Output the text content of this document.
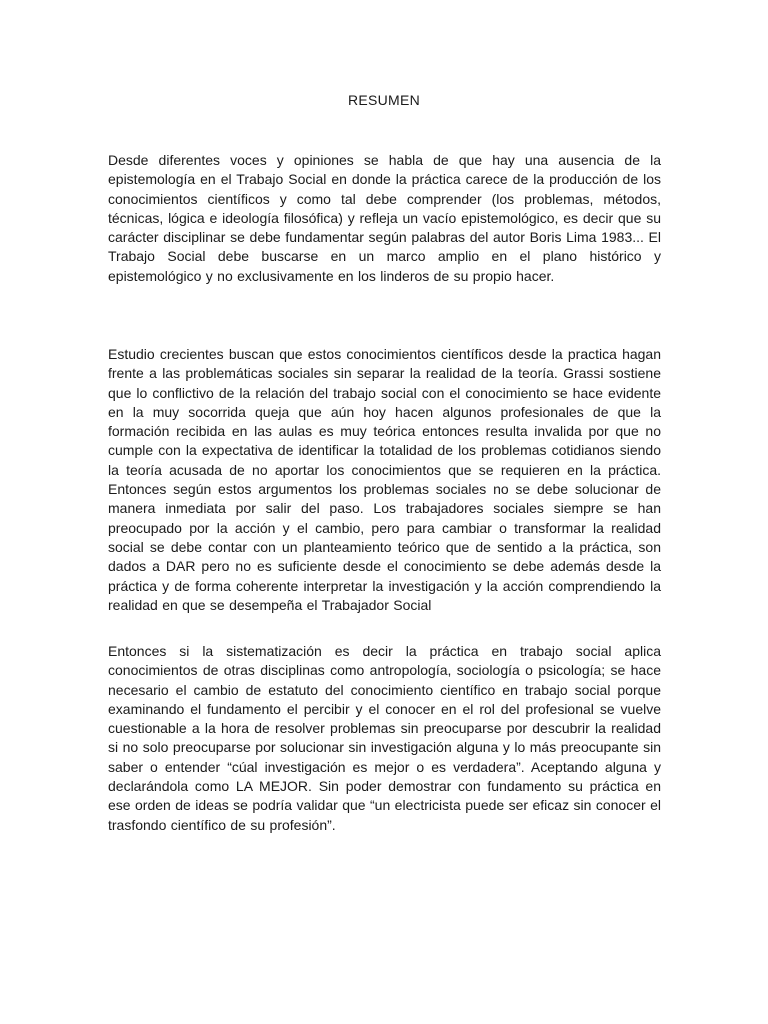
RESUMEN

Desde diferentes voces y opiniones se habla de que hay una ausencia de la epistemología en el Trabajo Social en donde la práctica carece de la producción de los conocimientos científicos y como tal debe comprender (los problemas, métodos, técnicas, lógica e ideología filosófica) y refleja un vacío epistemológico, es decir que su carácter disciplinar se debe fundamentar según palabras del autor Boris Lima 1983... El Trabajo Social debe buscarse en un marco amplio en el plano histórico y epistemológico y no exclusivamente en los linderos de su propio hacer.

Estudio crecientes buscan que estos conocimientos científicos desde la practica hagan frente a las problemáticas sociales sin separar la realidad de la teoría. Grassi sostiene que lo conflictivo de la relación del trabajo social con el conocimiento se hace evidente en la muy socorrida queja que aún hoy hacen algunos profesionales de que la formación recibida en las aulas es muy teórica entonces resulta invalida por que no cumple con la expectativa de identificar la totalidad de los problemas cotidianos siendo la teoría acusada de no aportar los conocimientos que se requieren en la práctica. Entonces según estos argumentos los problemas sociales no se debe solucionar de manera inmediata por salir del paso. Los trabajadores sociales siempre se han preocupado por la acción y el cambio, pero para cambiar o transformar la realidad social se debe contar con un planteamiento teórico que de sentido a la práctica, son dados a DAR pero no es suficiente desde el conocimiento se debe además desde la práctica y de forma coherente interpretar la investigación y la acción comprendiendo la realidad en que se desempeña el Trabajador Social

Entonces si la sistematización es decir la práctica en trabajo social aplica conocimientos de otras disciplinas como antropología, sociología o psicología; se hace necesario el cambio de estatuto del conocimiento científico en trabajo social porque examinando el fundamento el percibir y el conocer en el rol del profesional se vuelve cuestionable a la hora de resolver problemas sin preocuparse por descubrir la realidad si no solo preocuparse por solucionar sin investigación alguna y lo más preocupante sin saber o entender “cúal investigación es mejor o es verdadera”. Aceptando alguna y declarándola como LA MEJOR. Sin poder demostrar con fundamento su práctica en ese orden de ideas se podría validar que “un electricista puede ser eficaz sin conocer el trasfondo científico de su profesión”.
